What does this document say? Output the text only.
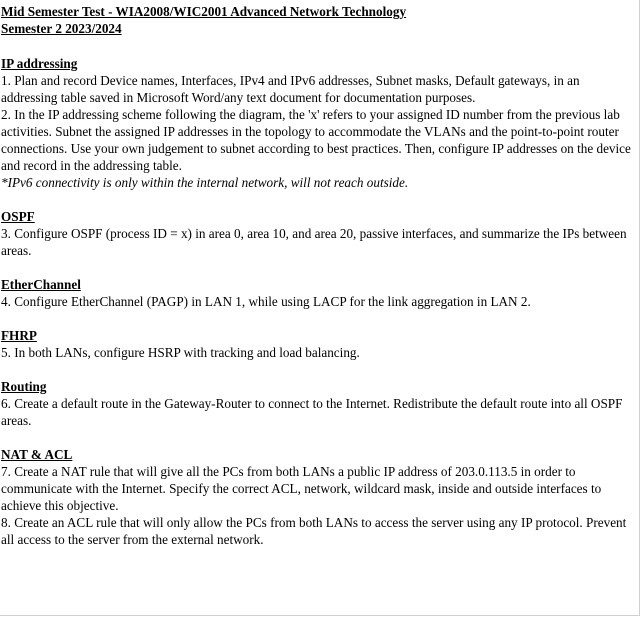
Mid Semester Test - WIA2008/WIC2001 Advanced Network Technology
Semester 2 2023/2024
IP addressing

1. Plan and record Device names, Interfaces, IPv4 and IPv6 addresses, Subnet masks, Default gateways, in an addressing table saved in Microsoft Word/any text document for documentation purposes.

2. In the IP addressing scheme following the diagram, the 'x' refers to your assigned ID number from the previous lab activities. Subnet the assigned IP addresses in the topology to accommodate the VLANs and the point-to-point router connections. Use your own judgement to subnet according to best practices. Then, configure IP addresses on the device and record in the addressing table.

*IPv6 connectivity is only within the internal network, will not reach outside.

OSPF

3. Configure OSPF (process ID = x) in area 0, area 10, and area 20, passive interfaces, and summarize the IPs between areas.

EtherChannel

4. Configure EtherChannel (PAGP) in LAN 1, while using LACP for the link aggregation in LAN 2.

FHRP

5. In both LANs, configure HSRP with tracking and load balancing.

Routing

6. Create a default route in the Gateway-Router to connect to the Internet. Redistribute the default route into all OSPF areas.

NAT & ACL

7. Create a NAT rule that will give all the PCs from both LANs a public IP address of 203.0.113.5 in order to communicate with the Internet. Specify the correct ACL, network, wildcard mask, inside and outside interfaces to achieve this objective.

8. Create an ACL rule that will only allow the PCs from both LANs to access the server using any IP protocol. Prevent all access to the server from the external network.
